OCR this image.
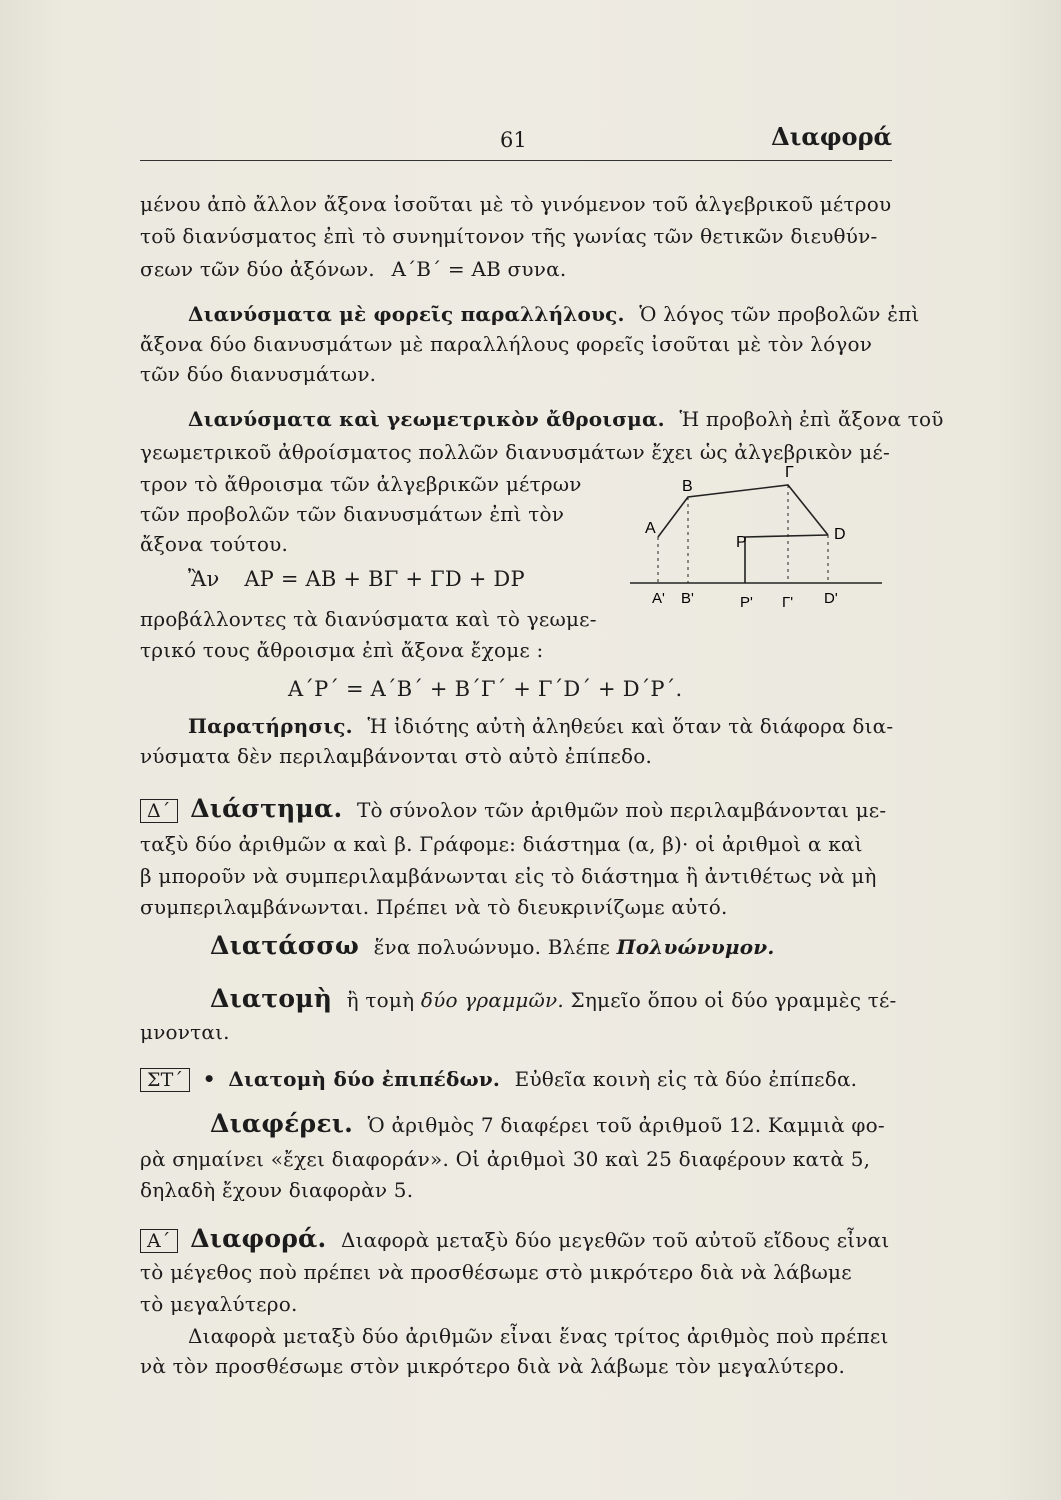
61	Διαφορά
μένου ἀπὸ ἄλλον ἄξονα ἰσοῦται μὲ τὸ γινόμενον τοῦ ἀλγεβρικοῦ μέτρου
τοῦ διανύσματος ἐπὶ τὸ συνημίτονον τῆς γωνίας τῶν θετικῶν διευθύν-
σεων τῶν δύο ἀξόνων. Α΄Β΄ = ΑΒ συνα.
Διανύσματα μὲ φορεῖς παραλλήλους. Ὁ λόγος τῶν προβολῶν ἐπὶ
ἄξονα δύο διανυσμάτων μὲ παραλλήλους φορεῖς ἰσοῦται μὲ τὸν λόγον
τῶν δύο διανυσμάτων.
Διανύσματα καὶ γεωμετρικὸν ἄθροισμα. Ἡ προβολὴ ἐπὶ ἄξονα τοῦ
γεωμετρικοῦ ἀθροίσματος πολλῶν διανυσμάτων ἔχει ὡς ἀλγεβρικὸν μέ-
τρον τὸ ἄθροισμα τῶν ἀλγεβρικῶν μέτρων
τῶν προβολῶν τῶν διανυσμάτων ἐπὶ τὸν
ἄξονα τούτου.
Ἂν ΑΡ = ΑΒ + ΒΓ + ΓD + DP
προβάλλοντες τὰ διανύσματα καὶ τὸ γεωμε-
τρικό τους ἄθροισμα ἐπὶ ἄξονα ἔχομε :
Α΄Ρ΄ = Α΄Β΄ + Β΄Γ΄ + Γ΄D΄ + D΄Ρ΄.
A
B
Γ
D
P
A' B'	P' Γ' D'
Παρατήρησις. Ἡ ἰδιότης αὐτὴ ἀληθεύει καὶ ὅταν τὰ διάφορα δια-
νύσματα δὲν περιλαμβάνονται στὸ αὐτὸ ἐπίπεδο.
Δ΄ Διάστημα. Τὸ σύνολον τῶν ἀριθμῶν ποὺ περιλαμβάνονται με-
ταξὺ δύο ἀριθμῶν α καὶ β. Γράφομε: διάστημα (α, β)· οἱ ἀριθμοὶ α καὶ
β μποροῦν νὰ συμπεριλαμβάνωνται εἰς τὸ διάστημα ἢ ἀντιθέτως νὰ μὴ
συμπεριλαμβάνωνται. Πρέπει νὰ τὸ διευκρινίζωμε αὐτό.
Διατάσσω ἕνα πολυώνυμο. Βλέπε Πολυώνυμον.
Διατομὴ ἢ τομὴ δύο γραμμῶν. Σημεῖο ὅπου οἱ δύο γραμμὲς τέ-
μνονται.
ΣΤ΄ • Διατομὴ δύο ἐπιπέδων. Εὐθεῖα κοινὴ εἰς τὰ δύο ἐπίπεδα.
Διαφέρει. Ὁ ἀριθμὸς 7 διαφέρει τοῦ ἀριθμοῦ 12. Καμμιὰ φο-
ρὰ σημαίνει «ἔχει διαφοράν». Οἱ ἀριθμοὶ 30 καὶ 25 διαφέρουν κατὰ 5,
δηλαδὴ ἔχουν διαφορὰν 5.
Α΄ Διαφορά. Διαφορὰ μεταξὺ δύο μεγεθῶν τοῦ αὐτοῦ εἴδους εἶναι
τὸ μέγεθος ποὺ πρέπει νὰ προσθέσωμε στὸ μικρότερο διὰ νὰ λάβωμε
τὸ μεγαλύτερο.
Διαφορὰ μεταξὺ δύο ἀριθμῶν εἶναι ἕνας τρίτος ἀριθμὸς ποὺ πρέπει
νὰ τὸν προσθέσωμε στὸν μικρότερο διὰ νὰ λάβωμε τὸν μεγαλύτερο.
